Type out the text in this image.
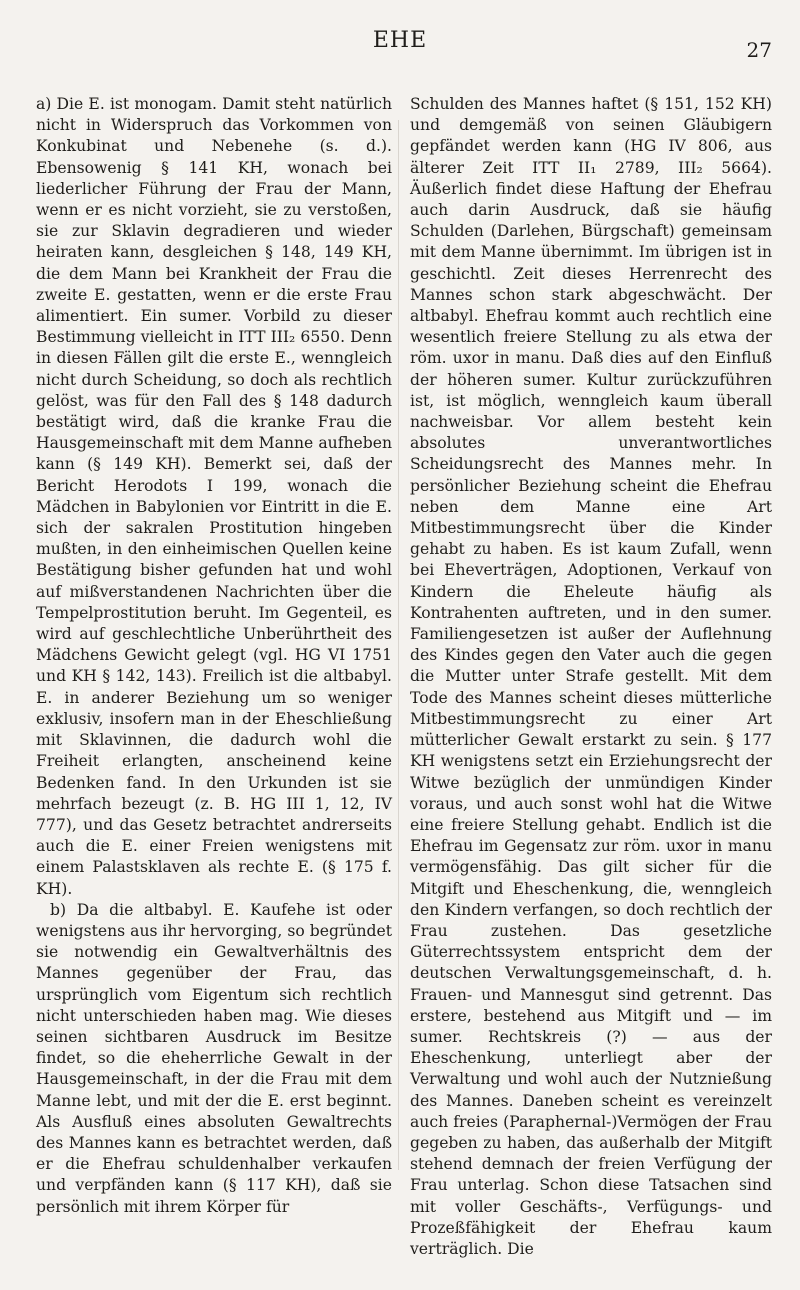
EHE	27

a) Die E. ist monogam. Damit steht natürlich nicht in Widerspruch das Vorkommen von Konkubinat und Nebenehe (s. d.). Ebensowenig § 141 KH, wonach bei liederlicher Führung der Frau der Mann, wenn er es nicht vorzieht, sie zu verstoßen, sie zur Sklavin degradieren und wieder heiraten kann, desgleichen § 148, 149 KH, die dem Mann bei Krankheit der Frau die zweite E. gestatten, wenn er die erste Frau alimentiert. Ein sumer. Vorbild zu dieser Bestimmung vielleicht in ITT III₂ 6550. Denn in diesen Fällen gilt die erste E., wenngleich nicht durch Scheidung, so doch als rechtlich gelöst, was für den Fall des § 148 dadurch bestätigt wird, daß die kranke Frau die Hausgemeinschaft mit dem Manne aufheben kann (§ 149 KH). Bemerkt sei, daß der Bericht Herodots I 199, wonach die Mädchen in Babylonien vor Eintritt in die E. sich der sakralen Prostitution hingeben mußten, in den einheimischen Quellen keine Bestätigung bisher gefunden hat und wohl auf mißverstandenen Nachrichten über die Tempelprostitution beruht. Im Gegenteil, es wird auf geschlechtliche Unberührtheit des Mädchens Gewicht gelegt (vgl. HG VI 1751 und KH § 142, 143). Freilich ist die altbabyl. E. in anderer Beziehung um so weniger exklusiv, insofern man in der Eheschließung mit Sklavinnen, die dadurch wohl die Freiheit erlangten, anscheinend keine Bedenken fand. In den Urkunden ist sie mehrfach bezeugt (z. B. HG III 1, 12, IV 777), und das Gesetz betrachtet andrerseits auch die E. einer Freien wenigstens mit einem Palastsklaven als rechte E. (§ 175 f. KH).

b) Da die altbabyl. E. Kaufehe ist oder wenigstens aus ihr hervorging, so begründet sie notwendig ein Gewaltverhältnis des Mannes gegenüber der Frau, das ursprünglich vom Eigentum sich rechtlich nicht unterschieden haben mag. Wie dieses seinen sichtbaren Ausdruck im Besitze findet, so die eheherrliche Gewalt in der Hausgemeinschaft, in der die Frau mit dem Manne lebt, und mit der die E. erst beginnt. Als Ausfluß eines absoluten Gewaltrechts des Mannes kann es betrachtet werden, daß er die Ehefrau schuldenhalber verkaufen und verpfänden kann (§ 117 KH), daß sie persönlich mit ihrem Körper für

Schulden des Mannes haftet (§ 151, 152 KH) und demgemäß von seinen Gläubigern gepfändet werden kann (HG IV 806, aus älterer Zeit ITT II₁ 2789, III₂ 5664). Äußerlich findet diese Haftung der Ehefrau auch darin Ausdruck, daß sie häufig Schulden (Darlehen, Bürgschaft) gemeinsam mit dem Manne übernimmt. Im übrigen ist in geschichtl. Zeit dieses Herrenrecht des Mannes schon stark abgeschwächt. Der altbabyl. Ehefrau kommt auch rechtlich eine wesentlich freiere Stellung zu als etwa der röm. uxor in manu. Daß dies auf den Einfluß der höheren sumer. Kultur zurückzuführen ist, ist möglich, wenngleich kaum überall nachweisbar. Vor allem besteht kein absolutes unverantwortliches Scheidungsrecht des Mannes mehr. In persönlicher Beziehung scheint die Ehefrau neben dem Manne eine Art Mitbestimmungsrecht über die Kinder gehabt zu haben. Es ist kaum Zufall, wenn bei Eheverträgen, Adoptionen, Verkauf von Kindern die Eheleute häufig als Kontrahenten auftreten, und in den sumer. Familiengesetzen ist außer der Auflehnung des Kindes gegen den Vater auch die gegen die Mutter unter Strafe gestellt. Mit dem Tode des Mannes scheint dieses mütterliche Mitbestimmungsrecht zu einer Art mütterlicher Gewalt erstarkt zu sein. § 177 KH wenigstens setzt ein Erziehungsrecht der Witwe bezüglich der unmündigen Kinder voraus, und auch sonst wohl hat die Witwe eine freiere Stellung gehabt. Endlich ist die Ehefrau im Gegensatz zur röm. uxor in manu vermögensfähig. Das gilt sicher für die Mitgift und Eheschenkung, die, wenngleich den Kindern verfangen, so doch rechtlich der Frau zustehen. Das gesetzliche Güterrechtssystem entspricht dem der deutschen Verwaltungsgemeinschaft, d. h. Frauen- und Mannesgut sind getrennt. Das erstere, bestehend aus Mitgift und — im sumer. Rechtskreis (?) — aus der Eheschenkung, unterliegt aber der Verwaltung und wohl auch der Nutznießung des Mannes. Daneben scheint es vereinzelt auch freies (Paraphernal-)Vermögen der Frau gegeben zu haben, das außerhalb der Mitgift stehend demnach der freien Verfügung der Frau unterlag. Schon diese Tatsachen sind mit voller Geschäfts-, Verfügungs- und Prozeßfähigkeit der Ehefrau kaum verträglich. Die
